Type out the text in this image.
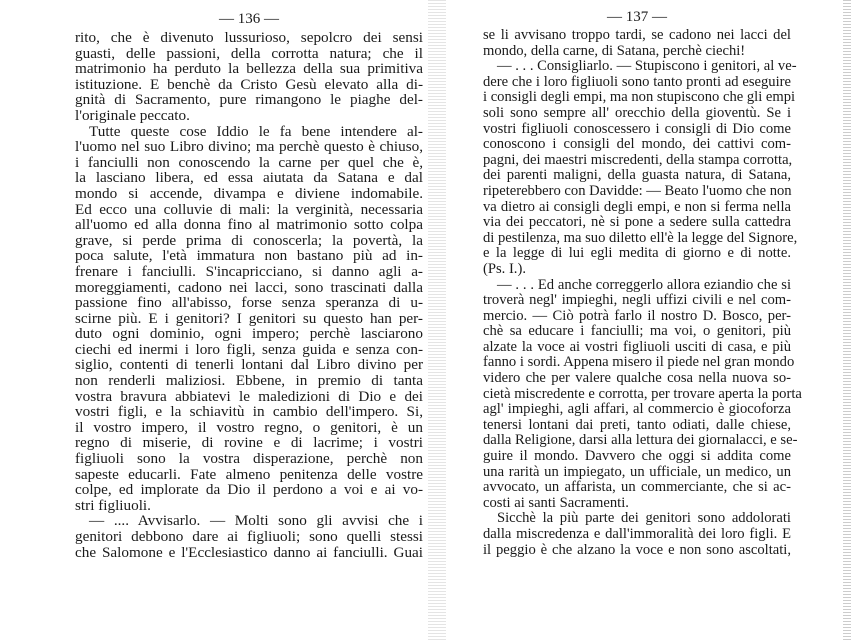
— 136 —
rito, che è divenuto lussurioso, sepolcro dei sensi
guasti, delle passioni, della corrotta natura; che il
matrimonio ha perduto la bellezza della sua primitiva
istituzione. E benchè da Cristo Gesù elevato alla di-
gnità di Sacramento, pure rimangono le piaghe del-
l'originale peccato.
Tutte queste cose Iddio le fa bene intendere al-
l'uomo nel suo Libro divino; ma perchè questo è chiuso,
i fanciulli non conoscendo la carne per quel che è,
la lasciano libera, ed essa aiutata da Satana e dal
mondo si accende, divampa e diviene indomabile.
Ed ecco una colluvie di mali: la verginità, necessaria
all'uomo ed alla donna fino al matrimonio sotto colpa
grave, si perde prima di conoscerla; la povertà, la
poca salute, l'età immatura non bastano più ad in-
frenare i fanciulli. S'incapricciano, si danno agli a-
moreggiamenti, cadono nei lacci, sono trascinati dalla
passione fino all'abisso, forse senza speranza di u-
scirne più. E i genitori? I genitori su questo han per-
duto ogni dominio, ogni impero; perchè lasciarono
ciechi ed inermi i loro figli, senza guida e senza con-
siglio, contenti di tenerli lontani dal Libro divino per
non renderli maliziosi. Ebbene, in premio di tanta
vostra bravura abbiatevi le maledizioni di Dio e dei
vostri figli, e la schiavitù in cambio dell'impero. Si,
il vostro impero, il vostro regno, o genitori, è un
regno di miserie, di rovine e di lacrime; i vostri
figliuoli sono la vostra disperazione, perchè non
sapeste educarli. Fate almeno penitenza delle vostre
colpe, ed implorate da Dio il perdono a voi e ai vo-
stri figliuoli.
— .... Avvisarlo. — Molti sono gli avvisi che i
genitori debbono dare ai figliuoli; sono quelli stessi
che Salomone e l'Ecclesiastico danno ai fanciulli. Guai
— 137 —
se li avvisano troppo tardi, se cadono nei lacci del
mondo, della carne, di Satana, perchè ciechi!
— . . . Consigliarlo. — Stupiscono i genitori, al ve-
dere che i loro figliuoli sono tanto pronti ad eseguire
i consigli degli empi, ma non stupiscono che gli empi
soli sono sempre all' orecchio della gioventù. Se i
vostri figliuoli conoscessero i consigli di Dio come
conoscono i consigli del mondo, dei cattivi com-
pagni, dei maestri miscredenti, della stampa corrotta,
dei parenti maligni, della guasta natura, di Satana,
ripeterebbero con Davidde: — Beato l'uomo che non
va dietro ai consigli degli empi, e non si ferma nella
via dei peccatori, nè si pone a sedere sulla cattedra
di pestilenza, ma suo diletto ell'è la legge del Signore,
e la legge di lui egli medita di giorno e di notte.
(Ps. I.).
— . . . Ed anche correggerlo allora eziandio che si
troverà negl' impieghi, negli uffizi civili e nel com-
mercio. — Ciò potrà farlo il nostro D. Bosco, per-
chè sa educare i fanciulli; ma voi, o genitori, più
alzate la voce ai vostri figliuoli usciti di casa, e più
fanno i sordi. Appena misero il piede nel gran mondo
videro che per valere qualche cosa nella nuova so-
cietà miscredente e corrotta, per trovare aperta la porta
agl' impieghi, agli affari, al commercio è giocoforza
tenersi lontani dai preti, tanto odiati, dalle chiese,
dalla Religione, darsi alla lettura dei giornalacci, e se-
guire il mondo. Davvero che oggi si addita come
una rarità un impiegato, un ufficiale, un medico, un
avvocato, un affarista, un commerciante, che si ac-
costi ai santi Sacramenti.
Sicchè la più parte dei genitori sono addolorati
dalla miscredenza e dall'immoralità dei loro figli. E
il peggio è che alzano la voce e non sono ascoltati,
